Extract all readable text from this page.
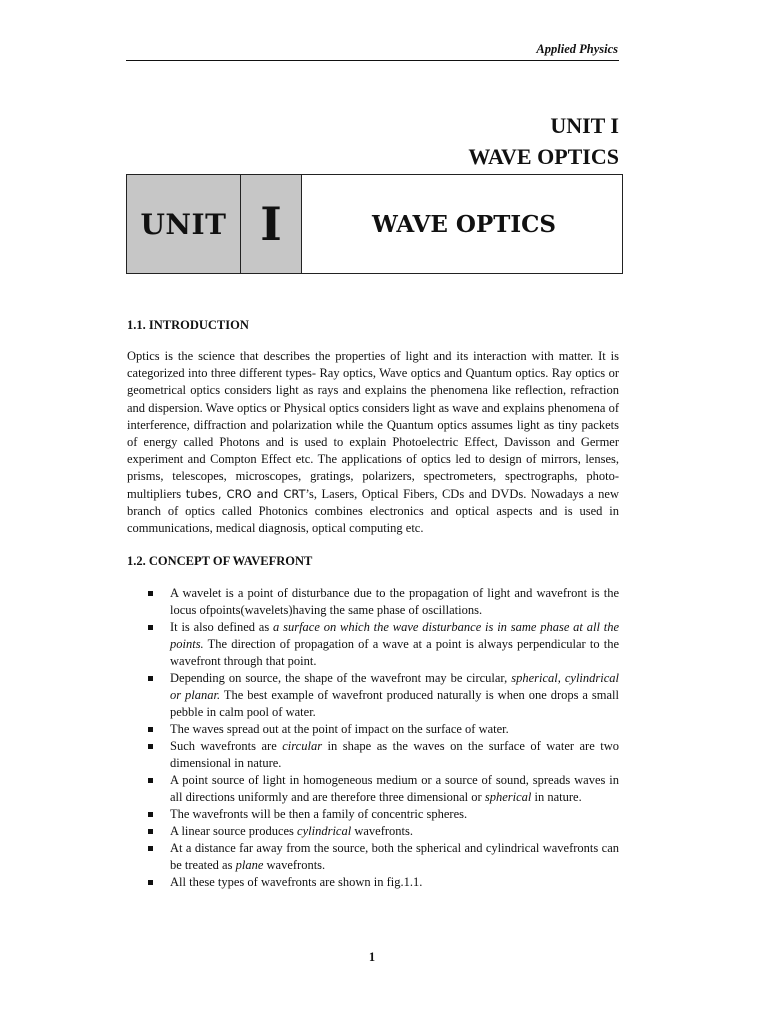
Applied Physics
UNIT I
WAVE OPTICS
UNIT I	WAVE OPTICS
1.1. INTRODUCTION

Optics is the science that describes the properties of light and its interaction with matter. It is categorized into three different types- Ray optics, Wave optics and Quantum optics. Ray optics or geometrical optics considers light as rays and explains the phenomena like reflection, refraction and dispersion. Wave optics or Physical optics considers light as wave and explains phenomena of interference, diffraction and polarization while the Quantum optics assumes light as tiny packets of energy called Photons and is used to explain Photoelectric Effect, Davisson and Germer experiment and Compton Effect etc. The applications of optics led to design of mirrors, lenses, prisms, telescopes, microscopes, gratings, polarizers, spectrometers, spectrographs, photo-multipliers tubes, CRO and CRT’s, Lasers, Optical Fibers, CDs and DVDs. Nowadays a new branch of optics called Photonics combines electronics and optical aspects and is used in communications, medical diagnosis, optical computing etc.

1.2. CONCEPT OF WAVEFRONT
A wavelet is a point of disturbance due to the propagation of light and wavefront is the locus ofpoints(wavelets)having the same phase of oscillations.
It is also defined as a surface on which the wave disturbance is in same phase at all the points. The direction of propagation of a wave at a point is always perpendicular to the wavefront through that point.
Depending on source, the shape of the wavefront may be circular, spherical, cylindrical or planar. The best example of wavefront produced naturally is when one drops a small pebble in calm pool of water.
The waves spread out at the point of impact on the surface of water.
Such wavefronts are circular in shape as the waves on the surface of water are two dimensional in nature.
A point source of light in homogeneous medium or a source of sound, spreads waves in all directions uniformly and are therefore three dimensional or spherical in nature.
The wavefronts will be then a family of concentric spheres.
A linear source produces cylindrical wavefronts.
At a distance far away from the source, both the spherical and cylindrical wavefronts can be treated as plane wavefronts.
All these types of wavefronts are shown in fig.1.1.
1
